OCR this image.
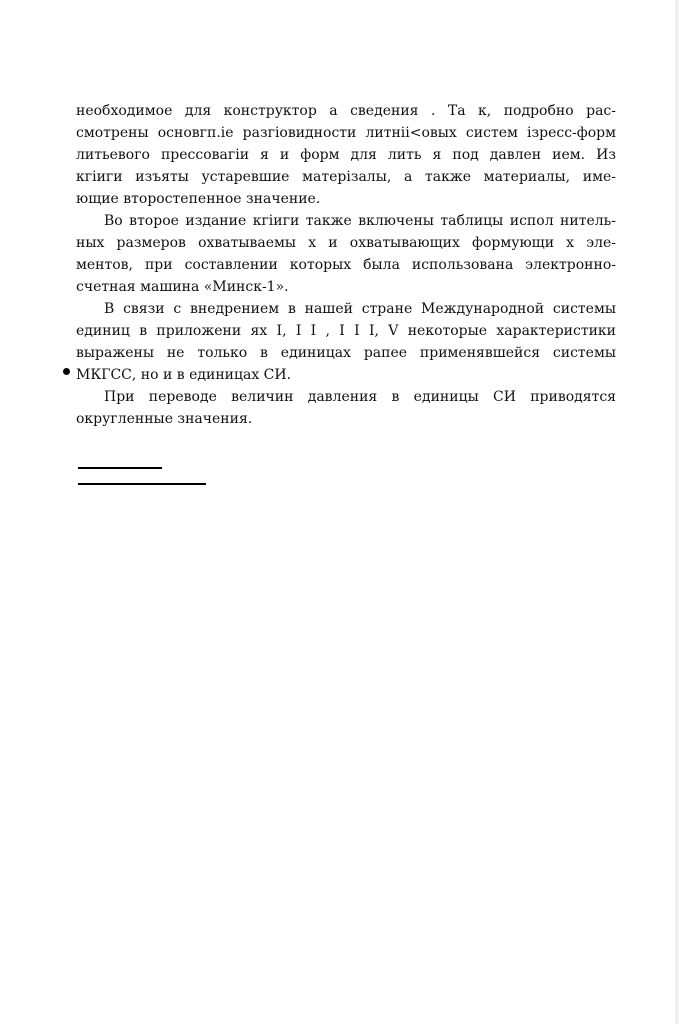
необходимое для конструктор а сведения . Та к, подробно рас-
смотрены основгп.іе разгіовидности литніі<овых систем ізресс-форм
литьевого прессовагіи я и форм для лить я под давлен ием. Из
кгіиги изъяты устаревшие матерізалы, а также материалы, име-
ющие второстепенное значение.
Во второе издание кгіиги также включены таблицы испол нитель-
ных размеров охватываемы х и охватывающих формующи х эле-
ментов, при составлении которых была использована электронно-
счетная машина «Минск-1».
В связи с внедрением в нашей стране Международной системы
единиц в приложени ях I, I I , I I I, V некоторые характеристики
выражены не только в единицах рапее применявшейся системы
МКГСС, но и в единицах СИ.
При переводе величин давления в единицы СИ приводятся
округленные значения.
